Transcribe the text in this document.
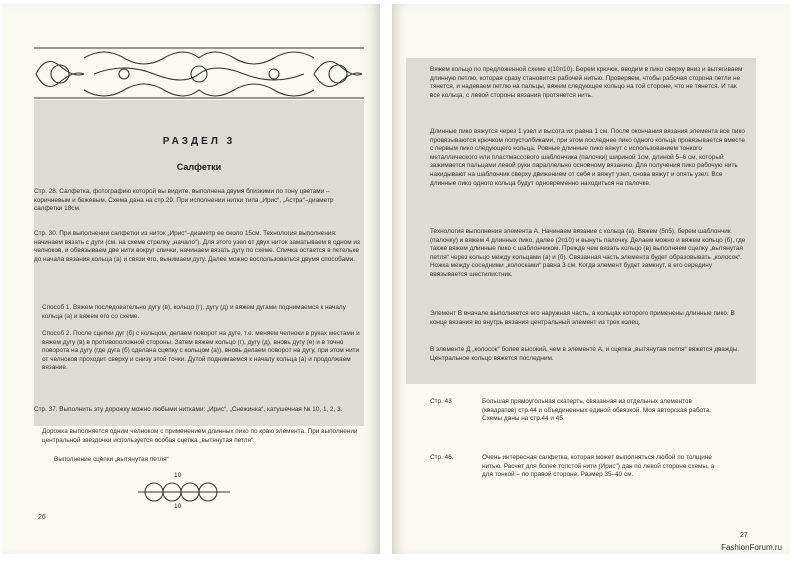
РАЗДЕЛ 3
Салфетки

Стр. 28. Салфетка, фотографию которой вы видите, выполнена двумя близкими по тону цветами – коричневым и бежевым. Схема дана на стр.29. При исполнении нитки типа „Ирис“, „Астра“–диаметр салфетки 18см.

Стр. 30. При выполнении салфетки из ниток „Ирис“–диаметр ее около 15см. Технология выполнения: начинаем вязать с дуги (см. на схеме стрелку „начало“). Для этого узел от двух ниток заматываем в одном из челноков, и обвязываем две нити вокруг спички, начинаем вязать дугу по схеме. Спичка остается в петельке до начала вязания кольца (а) и связи его, вынимаем дугу. Далее можно воспользоваться двумя способами.

Способ 1. Вяжем последовательно дугу (в), кольцо (г), дугу (д) и вяжем дугами поднимаемся к началу кольца (а) и вяжем его со схеме.

Способ 2. После сцепки дуг (б) с кольцом, делаем поворот на дуге, т.е. меняем челноки в руках местами и вяжем дугу (в) в противоположной стороны. Затем вяжем кольцо (г), дугу (д), вновь дугу (е) и в точно поворота на дугу (где дуга (б) сделана сцепку с кольцом (а)), вновь делаем поворот на дугу, при этом нити от челноков проходит сверху и снизу этой точки. Дутой поднимаемся к началу кольца (а) и продолжаем вязание.

Стр. 37. Выполнить эту дорожку можно любыми нитками: „Ирис“, „Снежинка“, катушечная № 10, 1, 2, 3.

Дорожка выполняется одним челноком с применением длинных пико по краю элемента. При выполнении центральной звездочки используется особая сцепка „вытянутая петля“.

Выполнение сцепки „вытянутая петля“

10
10
26

Вяжем кольцо по предложенной схеме к(10п10). Берем крючок, вводим в пико сверху вниз и вытягиваем длинную петлю, которая сразу становится рабочей нитью. Проверяем, чтобы рабочая сторона петли не тянется, и надеваем петлю на пальцы, вяжем следующее кольцо на той стороне, что не тянется. И так все кольца, с левой стороны вязания протянется нить.

Длинные пико вяжутся через 1 узел и высота их равна 1 см. После окончания вязания элемента все пико провязываются крючком полустолбиками, при этом последнее пико одного кольца провязывается вместе с первым пико следующего кольца. Ровные длинные пико вяжут с использованием тонкого металлического или пластмассового шаблончика (палочки) шириной 1см, длиной 5–6 см, который зажимается пальцами левой руки параллельно основному вязанию. Для получения пико рабочую нить накидывают на шаблончик сверху движением от себя и вяжут узел, снова вяжут и опять узел. Все длинные пико одного кольца будут одновременно находиться на палочке.

Технология выполнения элемента А. Начинаем вязание с кольца (а). Вяжем (5п5), берем шаблончик (палочку) и вяжем 4 длинных пико, далее (2п10) и вынуть палочку. Делаем можно и вяжем кольцо (б), где также вяжем длинные пико с шаблончиком. Прежде чем вязать кольцо (в) выполняем сцепку „вытянутая петля“ через кольцо между кольцами (а) и (б). Связанная часть элемента будет образовывать „колосок“. Ножка между соседними „колосками“ равна 3 см. Когда элемент будет замкнут, в его середину ввязывается шестилистник.

Элемент В вначале выполняется его наружная часть, а кольцах которого применены длинные пико. В конце вязания во внутрь вязания центральный элемент из трех колец.

В элементе Д „колосок“ более высокий, чем в элементе А, и сцепка „вытянутая петля“ вяжется дважды. Центральное кольцо вяжется последним.

Стр. 43	Большая прямоугольная скатерть, связанная из отдельных элементов (квадратов) стр.44 и объединенных единой обвязкой. Моя авторская работа. Схемы даны на стр.44 и 45.
Стр. 46.	Очень интересная салфетка, которая может выполняться любой по толщине нитью. Расчет для более толстой нити (Ирис") дан по левой стороне схемы, а для тонкой – по правой стороне. Размер 35–40 см.
27
FashionForum.ru
